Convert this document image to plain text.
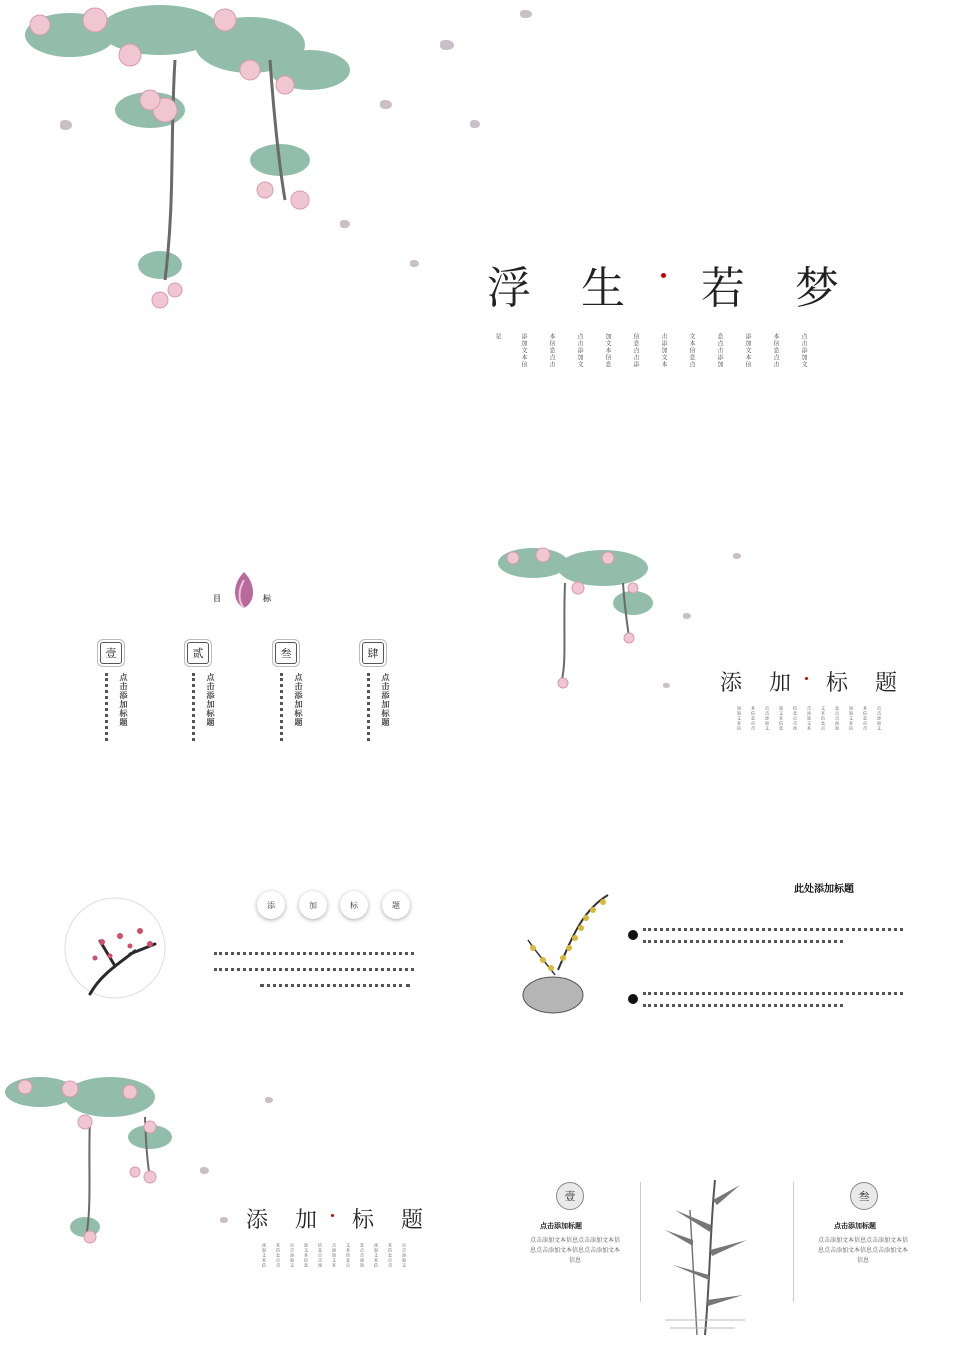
浮 生 若 梦
是	添加文本信	本信息点击	点击添加文	加文本信息	信息点击添	击添加文本	文本信息点	息点击添加	添加文本信	本信息点击	点击添加文
目	标
壹
点击添加标题
贰
点击添加标题
叁
点击添加标题
肆
点击添加标题	添 加 标 题
添加文本信 本信息点击 点击添加文 加文本信息 信息点击添 击添加文本 文本信息点 息点击添加 添加文本信 本信息点击 点击添加文
添	加	标	题
此处添加标题
添 加 标 题
添加文本信 本信息点击 点击添加文 加文本信息 信息点击添 击添加文本 文本信息点 息点击添加 添加文本信 本信息点击 点击添加文
壹
点击添加标题
点击添加文本信息点击添加文本信息点击添加文本信息点击添加文本信息
叁
点击添加标题
点击添加文本信息点击添加文本信息点击添加文本信息点击添加文本信息
